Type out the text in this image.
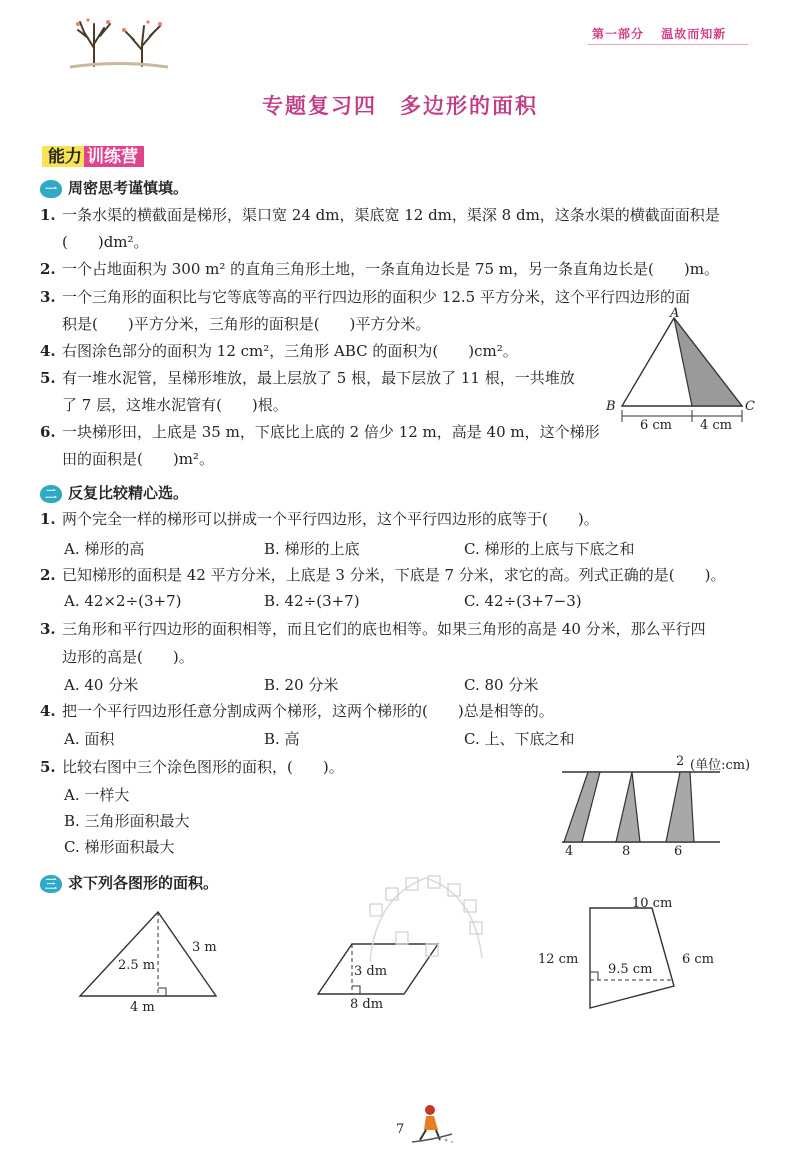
第一部分 温故而知新
专题复习四　多边形的面积
能力 训练营
一 周密思考谨慎填。
1. 一条水渠的横截面是梯形，渠口宽 24 dm，渠底宽 12 dm，渠深 8 dm，这条水渠的横截面面积是
(　　)dm²。
2. 一个占地面积为 300 m² 的直角三角形土地，一条直角边长是 75 m，另一条直角边长是(　　)m。
3. 一个三角形的面积比与它等底等高的平行四边形的面积少 12.5 平方分米，这个平行四边形的面
积是(　　)平方分米，三角形的面积是(　　)平方分米。
4. 右图涂色部分的面积为 12 cm²，三角形 ABC 的面积为(　　)cm²。
5. 有一堆水泥管，呈梯形堆放，最上层放了 5 根，最下层放了 11 根，一共堆放
了 7 层，这堆水泥管有(　　)根。
6. 一块梯形田，上底是 35 m，下底比上底的 2 倍少 12 m，高是 40 m，这个梯形
田的面积是(　　)m²。
A
B	C
6 cm 4 cm
二 反复比较精心选。
1. 两个完全一样的梯形可以拼成一个平行四边形，这个平行四边形的底等于(　　)。
A. 梯形的高	B. 梯形的上底	C. 梯形的上底与下底之和
2. 已知梯形的面积是 42 平方分米，上底是 3 分米，下底是 7 分米，求它的高。列式正确的是(　　)。
A. 42×2÷(3+7)	B. 42÷(3+7)	C. 42÷(3+7−3)
3. 三角形和平行四边形的面积相等，而且它们的底也相等。如果三角形的高是 40 分米，那么平行四
边形的高是(　　)。
A. 40 分米	B. 20 分米	C. 80 分米
4. 把一个平行四边形任意分割成两个梯形，这两个梯形的(　　)总是相等的。
A. 面积	B. 高	C. 上、下底之和
5. 比较右图中三个涂色图形的面积，(　　)。
A. 一样大
B. 三角形面积最大
C. 梯形面积最大
2 (单位:cm)
4	8	6
三 求下列各图形的面积。
2.5 m
3 m
4 m
3 dm
8 dm
10 cm
12 cm
9.5 cm
6 cm
7
